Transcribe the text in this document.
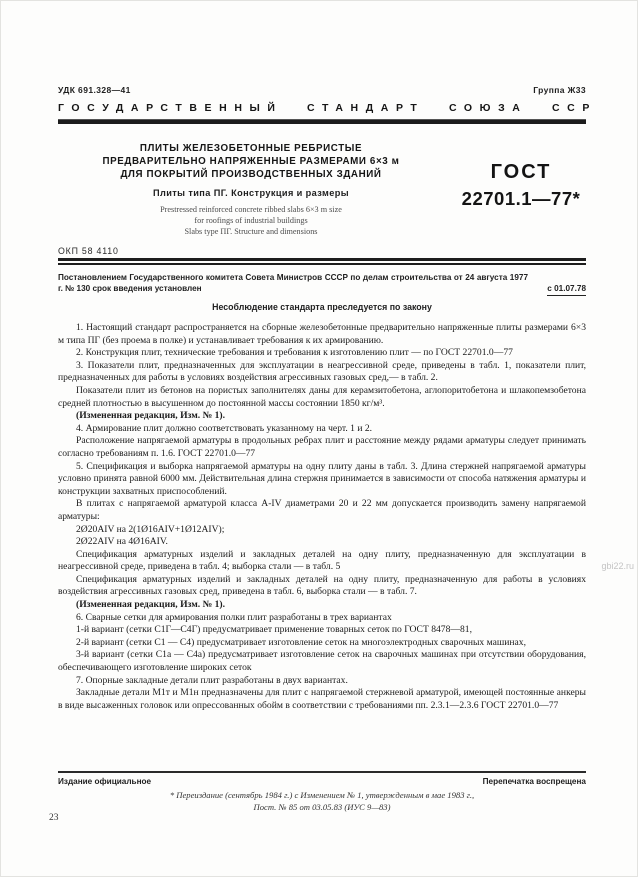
УДК 691.328—41	Группа Ж33
ГОСУДАРСТВЕННЫЙ СТАНДАРТ СОЮЗА ССР
ПЛИТЫ ЖЕЛЕЗОБЕТОННЫЕ РЕБРИСТЫЕ
ПРЕДВАРИТЕЛЬНО НАПРЯЖЕННЫЕ РАЗМЕРАМИ 6×3 м
ДЛЯ ПОКРЫТИЙ ПРОИЗВОДСТВЕННЫХ ЗДАНИЙ
Плиты типа ПГ. Конструкция и размеры
Prestressed reinforced concrete ribbed slabs 6×3 m size
for roofings of industrial buildings
Slabs type ПГ. Structure and dimensions
ГОСТ
22701.1—77*
ОКП 58 4110
Постановлением Государственного комитета Совета Министров СССР по делам строительства от 24 августа 1977 г. № 130 срок введения установлен	с 01.07.78
Несоблюдение стандарта преследуется по закону

1. Настоящий стандарт распространяется на сборные железобетонные предварительно напряженные плиты размерами 6×3 м типа ПГ (без проема в полке) и устанавливает требования к их армированию.

2. Конструкция плит, технические требования и требования к изготовлению плит — по ГОСТ 22701.0—77

3. Показатели плит, предназначенных для эксплуатации в неагрессивной среде, приведены в табл. 1, показатели плит, предназначенных для работы в условиях воздействия агрессивных газовых сред,— в табл. 2.

Показатели плит из бетонов на пористых заполнителях даны для керамзитобетона, аглопоритобетона и шлакопемзобетона средней плотностью в высушенном до постоянной массы состоянии 1850 кг/м³.

(Измененная редакция, Изм. № 1).

4. Армирование плит должно соответствовать указанному на черт. 1 и 2.

Расположение напрягаемой арматуры в продольных ребрах плит и расстояние между рядами арматуры следует принимать согласно требованиям п. 1.6. ГОСТ 22701.0—77

5. Спецификация и выборка напрягаемой арматуры на одну плиту даны в табл. 3. Длина стержней напрягаемой арматуры условно принята равной 6000 мм. Действительная длина стержня принимается в зависимости от способа натяжения арматуры и конструкции захватных приспособлений.

В плитах с напрягаемой арматурой класса А-IV диаметрами 20 и 22 мм допускается производить замену напрягаемой арматуры:

2Ø20АIV на 2(1Ø16АIV+1Ø12АIV);

2Ø22АIV на 4Ø16АIV.

Спецификация арматурных изделий и закладных деталей на одну плиту, предназначенную для эксплуатации в неагрессивной среде, приведена в табл. 4; выборка стали — в табл. 5

Спецификация арматурных изделий и закладных деталей на одну плиту, предназначенную для работы в условиях воздействия агрессивных газовых сред, приведена в табл. 6, выборка стали — в табл. 7.

(Измененная редакция, Изм. № 1).

6. Сварные сетки для армирования полки плит разработаны в трех вариантах

1-й вариант (сетки С1Г—С4Г) предусматривает применение товарных сеток по ГОСТ 8478—81,

2-й вариант (сетки С1 — С4) предусматривает изготовление сеток на многоэлектродных сварочных машинах,

3-й вариант (сетки С1а — С4а) предусматривает изготовление сеток на сварочных машинах при отсутствии оборудования, обеспечивающего изготовление широких сеток

7. Опорные закладные детали плит разработаны в двух вариантах.

Закладные детали М1т и М1н предназначены для плит с напрягаемой стержневой арматурой, имеющей постоянные анкеры в виде высаженных головок или опрессованных обойм в соответствии с требованиями пп. 2.3.1—2.3.6 ГОСТ 22701.0—77

Издание официальное	Перепечатка воспрещена
* Переиздание (сентябрь 1984 г.) с Изменением № 1, утвержденным в мае 1983 г.,
Пост. № 85 от 03.05.83 (ИУС 9—83)
23
gbi22.ru
